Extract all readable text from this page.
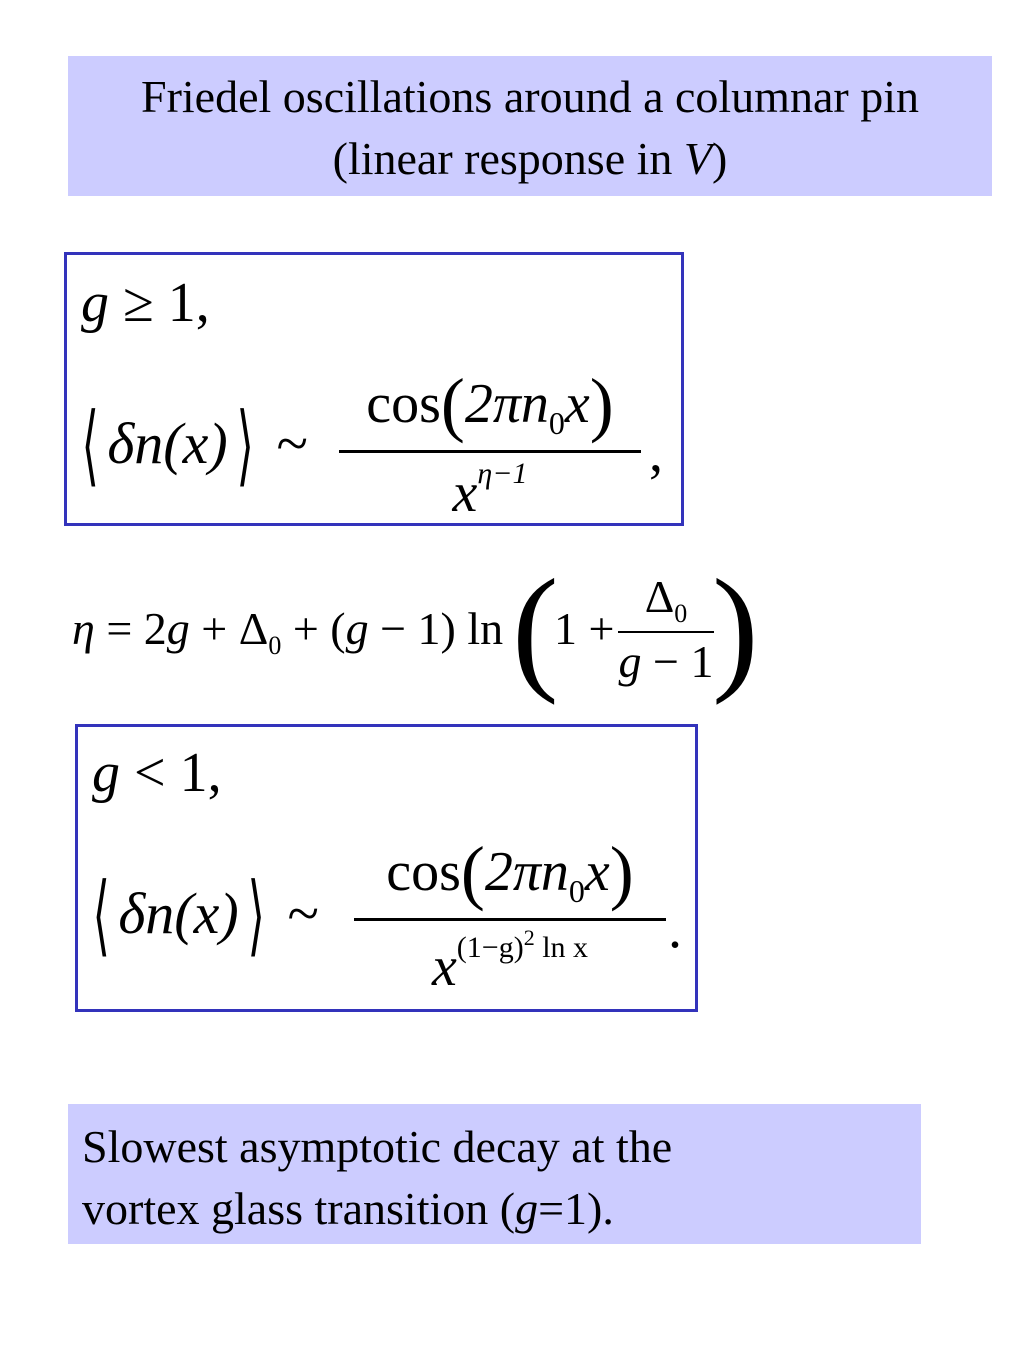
Friedel oscillations around a columnar pin
(linear response in V)
g ≥ 1,
⟨ δn(x)⟩ ~
$\cos(2\pi n_0x)$
$x^{\eta-1}$	,
$\eta = 2g + \Delta_0 + (g - 1)$ ln (
1 +
$\Delta_0$
g − 1
)
g < 1,
⟨ δn(x)⟩ ~
$\cos(2\pi n_0x)$
$x^{(1-g)^2 ln x}$	.
Slowest asymptotic decay at the
vortex glass transition (g=1).
